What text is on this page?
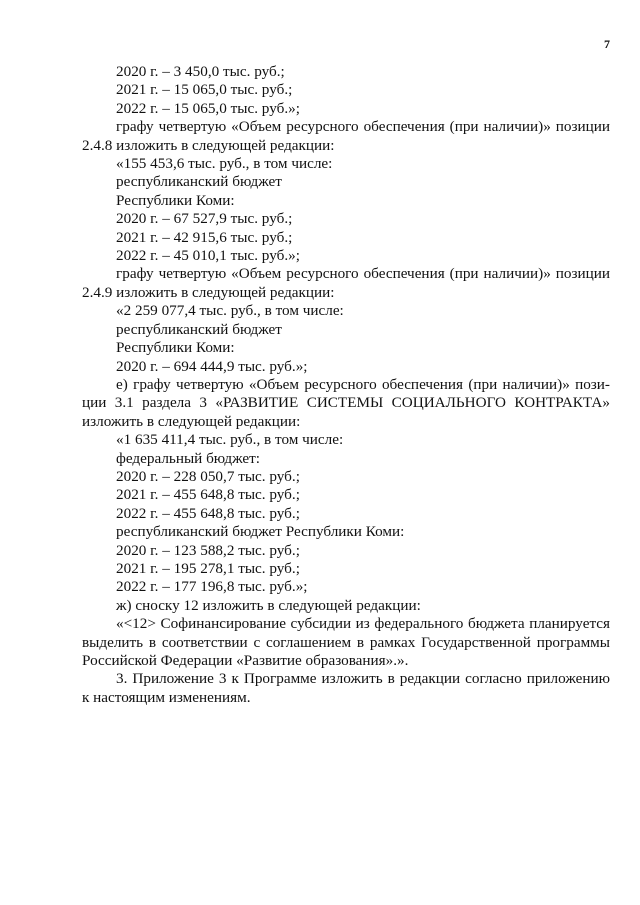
7
2020 г. – 3 450,0 тыс. руб.;
2021 г. – 15 065,0 тыс. руб.;
2022 г. – 15 065,0 тыс. руб.»;
графу четвертую «Объем ресурсного обеспечения (при наличии)» позиции
2.4.8 изложить в следующей редакции:
«155 453,6 тыс. руб., в том числе:
республиканский бюджет
Республики Коми:
2020 г. – 67 527,9 тыс. руб.;
2021 г. – 42 915,6 тыс. руб.;
2022 г. – 45 010,1 тыс. руб.»;
графу четвертую «Объем ресурсного обеспечения (при наличии)» позиции
2.4.9 изложить в следующей редакции:
«2 259 077,4 тыс. руб., в том числе:
республиканский бюджет
Республики Коми:
2020 г. – 694 444,9 тыс. руб.»;
е) графу четвертую «Объем ресурсного обеспечения (при наличии)» пози-
ции 3.1 раздела 3 «РАЗВИТИЕ СИСТЕМЫ СОЦИАЛЬНОГО КОНТРАКТА»
изложить в следующей редакции:
«1 635 411,4 тыс. руб., в том числе:
федеральный бюджет:
2020 г. – 228 050,7 тыс. руб.;
2021 г. – 455 648,8 тыс. руб.;
2022 г. – 455 648,8 тыс. руб.;
республиканский бюджет Республики Коми:
2020 г. – 123 588,2 тыс. руб.;
2021 г. – 195 278,1 тыс. руб.;
2022 г. – 177 196,8 тыс. руб.»;
ж) сноску 12 изложить в следующей редакции:
«<12> Софинансирование субсидии из федерального бюджета планируется
выделить в соответствии с соглашением в рамках Государственной программы
Российской Федерации «Развитие образования».».
3. Приложение 3 к Программе изложить в редакции согласно приложению
к настоящим изменениям.
